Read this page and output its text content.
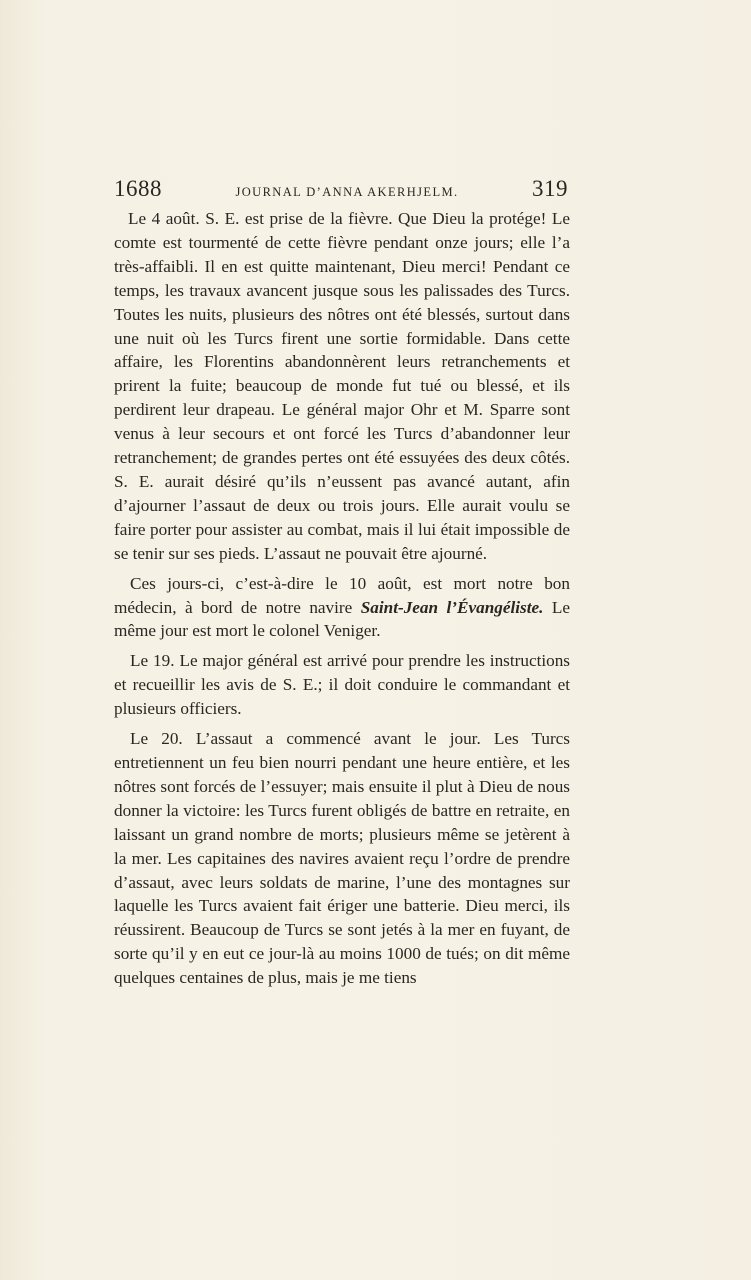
1688	JOURNAL D’ANNA AKERHJELM.	319

Le 4 août. S. E. est prise de la fièvre. Que Dieu la protége! Le comte est tourmenté de cette fièvre pendant onze jours; elle l’a très-affaibli. Il en est quitte maintenant, Dieu merci! Pendant ce temps, les travaux avancent jusque sous les palissades des Turcs. Toutes les nuits, plusieurs des nôtres ont été blessés, surtout dans une nuit où les Turcs firent une sortie formidable. Dans cette affaire, les Florentins abandonnèrent leurs retranchements et prirent la fuite; beaucoup de monde fut tué ou blessé, et ils perdirent leur drapeau. Le général major Ohr et M. Sparre sont venus à leur secours et ont forcé les Turcs d’abandonner leur retranchement; de grandes pertes ont été essuyées des deux côtés. S. E. aurait désiré qu’ils n’eussent pas avancé autant, afin d’ajourner l’assaut de deux ou trois jours. Elle aurait voulu se faire porter pour assister au combat, mais il lui était impossible de se tenir sur ses pieds. L’assaut ne pouvait être ajourné.

Ces jours-ci, c’est-à-dire le 10 août, est mort notre bon médecin, à bord de notre navire Saint-Jean l’Évangéliste. Le même jour est mort le colonel Veniger.

Le 19. Le major général est arrivé pour prendre les instructions et recueillir les avis de S. E.; il doit conduire le commandant et plusieurs officiers.

Le 20. L’assaut a commencé avant le jour. Les Turcs entretiennent un feu bien nourri pendant une heure entière, et les nôtres sont forcés de l’essuyer; mais ensuite il plut à Dieu de nous donner la victoire: les Turcs furent obligés de battre en retraite, en laissant un grand nombre de morts; plusieurs même se jetèrent à la mer. Les capitaines des navires avaient reçu l’ordre de prendre d’assaut, avec leurs soldats de marine, l’une des montagnes sur laquelle les Turcs avaient fait ériger une batterie. Dieu merci, ils réussirent. Beaucoup de Turcs se sont jetés à la mer en fuyant, de sorte qu’il y en eut ce jour-là au moins 1000 de tués; on dit même quelques centaines de plus, mais je me tiens
